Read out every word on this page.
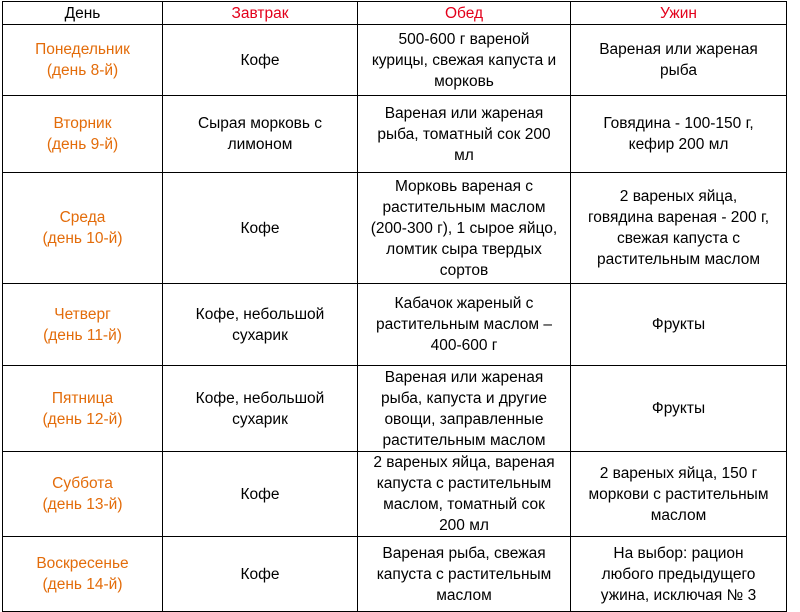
День	Завтрак	Обед	Ужин

Понедельник
(день 8-й)	Кофе	500-600 г вареной
курицы, свежая капуста и
морковь	Вареная или жареная
рыба

Вторник
(день 9-й)	Сырая морковь с
лимоном	Вареная или жареная
рыба, томатный сок 200
мл	Говядина - 100-150 г,
кефир 200 мл

Среда
(день 10-й)	Кофе	Морковь вареная с
растительным маслом
(200-300 г), 1 сырое яйцо,
ломтик сыра твердых
сортов	2 вареных яйца,
говядина вареная - 200 г,
свежая капуста с
растительным маслом

Четверг
(день 11-й)	Кофе, небольшой
сухарик	Кабачок жареный с
растительным маслом –
400-600 г	Фрукты

Пятница
(день 12-й)	Кофе, небольшой
сухарик	Вареная или жареная
рыба, капуста и другие
овощи, заправленные
растительным маслом	Фрукты

Суббота
(день 13-й)	Кофе	2 вареных яйца, вареная
капуста с растительным
маслом, томатный сок
200 мл	2 вареных яйца, 150 г
моркови с растительным
маслом

Воскресенье
(день 14-й)	Кофе	Вареная рыба, свежая
капуста с растительным
маслом	На выбор: рацион
любого предыдущего
ужина, исключая № 3
